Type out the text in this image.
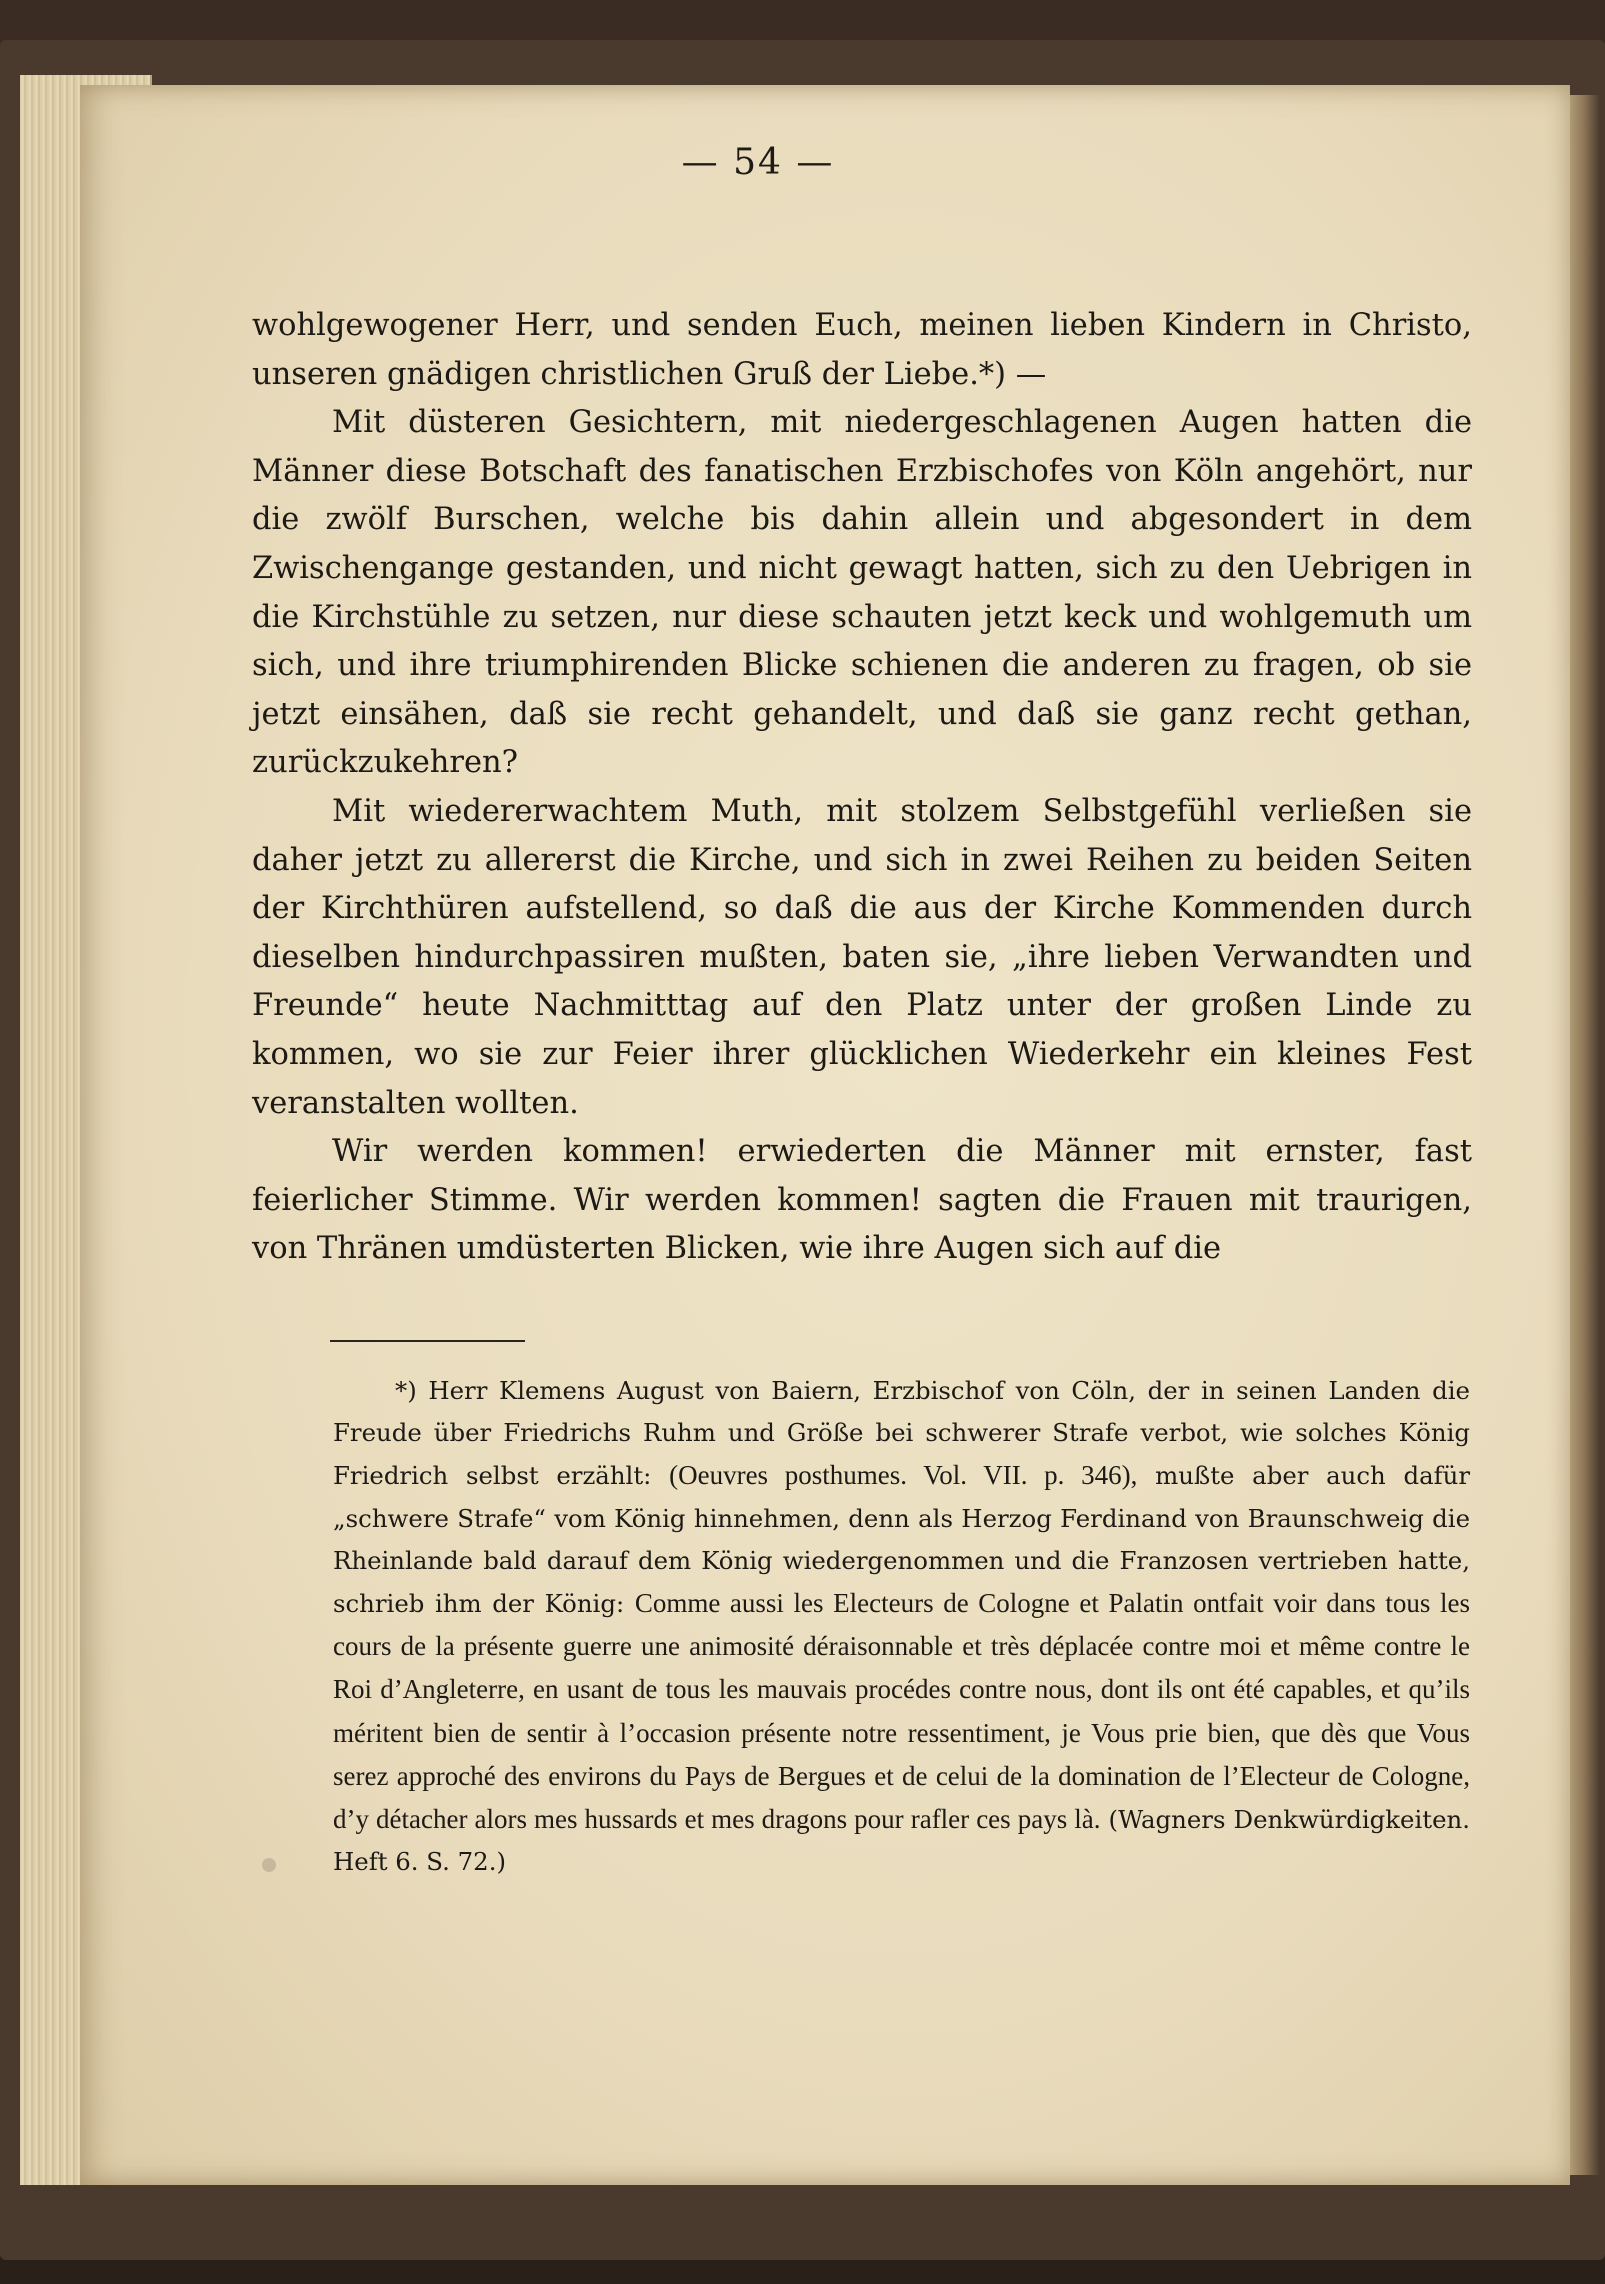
— 54 —

wohlgewogener Herr, und senden Euch, meinen lieben Kindern in Christo, unseren gnädigen christlichen Gruß der Liebe.*) —

Mit düsteren Gesichtern, mit niedergeschlagenen Augen hatten die Männer diese Botschaft des fanatischen Erzbischofes von Köln angehört, nur die zwölf Burschen, welche bis dahin allein und abgesondert in dem Zwischengange gestanden, und nicht gewagt hatten, sich zu den Uebrigen in die Kirchstühle zu setzen, nur diese schauten jetzt keck und wohlgemuth um sich, und ihre triumphirenden Blicke schienen die anderen zu fragen, ob sie jetzt einsähen, daß sie recht gehandelt, und daß sie ganz recht gethan, zurückzukehren?

Mit wiedererwachtem Muth, mit stolzem Selbstgefühl verließen sie daher jetzt zu allererst die Kirche, und sich in zwei Reihen zu beiden Seiten der Kirchthüren aufstellend, so daß die aus der Kirche Kommenden durch dieselben hindurchpassiren mußten, baten sie, „ihre lieben Verwandten und Freunde“ heute Nachmitttag auf den Platz unter der großen Linde zu kommen, wo sie zur Feier ihrer glücklichen Wiederkehr ein kleines Fest veranstalten wollten.

Wir werden kommen! erwiederten die Männer mit ernster, fast feierlicher Stimme. Wir werden kommen! sagten die Frauen mit traurigen, von Thränen umdüsterten Blicken, wie ihre Augen sich auf die

*) Herr Klemens August von Baiern, Erzbischof von Cöln, der in seinen Landen die Freude über Friedrichs Ruhm und Größe bei schwerer Strafe verbot, wie solches König Friedrich selbst erzählt: (Oeuvres posthumes. Vol. VII. p. 346), mußte aber auch dafür „schwere Strafe“ vom König hinnehmen, denn als Herzog Ferdinand von Braunschweig die Rheinlande bald darauf dem König wiedergenommen und die Franzosen vertrieben hatte, schrieb ihm der König: Comme aussi les Electeurs de Cologne et Palatin ontfait voir dans tous les cours de la présente guerre une animosité déraisonnable et très déplacée contre moi et même contre le Roi d’Angleterre, en usant de tous les mauvais procédes contre nous, dont ils ont été capables, et qu’ils méritent bien de sentir à l’occasion présente notre ressentiment, je Vous prie bien, que dès que Vous serez approché des environs du Pays de Bergues et de celui de la domination de l’Electeur de Cologne, d’y détacher alors mes hussards et mes dragons pour rafler ces pays là. (Wagners Denkwürdigkeiten. Heft 6. S. 72.)
